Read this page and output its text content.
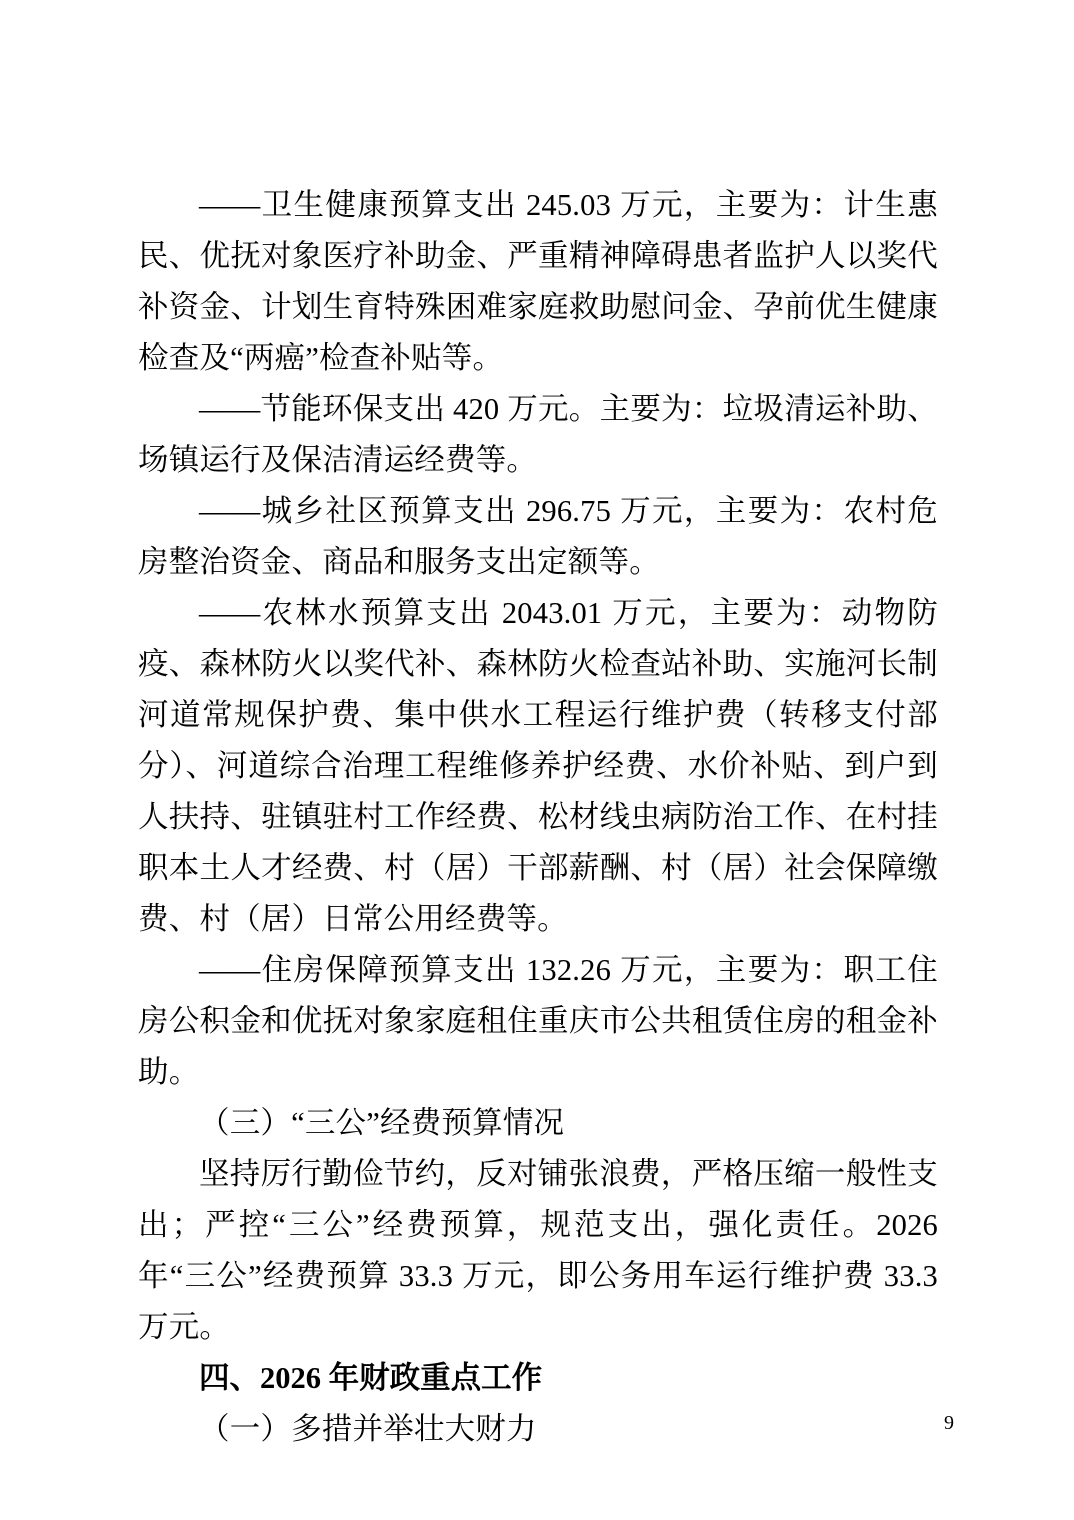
——卫生健康预算支出 245.03 万元，主要为：计生惠民、优抚对象医疗补助金、严重精神障碍患者监护人以奖代补资金、计划生育特殊困难家庭救助慰问金、孕前优生健康检查及“两癌”检查补贴等。

——节能环保支出 420 万元。主要为：垃圾清运补助、场镇运行及保洁清运经费等。

——城乡社区预算支出 296.75 万元，主要为：农村危房整治资金、商品和服务支出定额等。

——农林水预算支出 2043.01 万元，主要为：动物防疫、森林防火以奖代补、森林防火检查站补助、实施河长制河道常规保护费、集中供水工程运行维护费（转移支付部分）、河道综合治理工程维修养护经费、水价补贴、到户到人扶持、驻镇驻村工作经费、松材线虫病防治工作、在村挂职本土人才经费、村（居）干部薪酬、村（居）社会保障缴费、村（居）日常公用经费等。

——住房保障预算支出 132.26 万元，主要为：职工住房公积金和优抚对象家庭租住重庆市公共租赁住房的租金补助。

（三）“三公”经费预算情况

坚持厉行勤俭节约，反对铺张浪费，严格压缩一般性支出；严控“三公”经费预算，规范支出，强化责任。2026 年“三公”经费预算 33.3 万元，即公务用车运行维护费 33.3 万元。

四、2026 年财政重点工作

（一）多措并举壮大财力	9
